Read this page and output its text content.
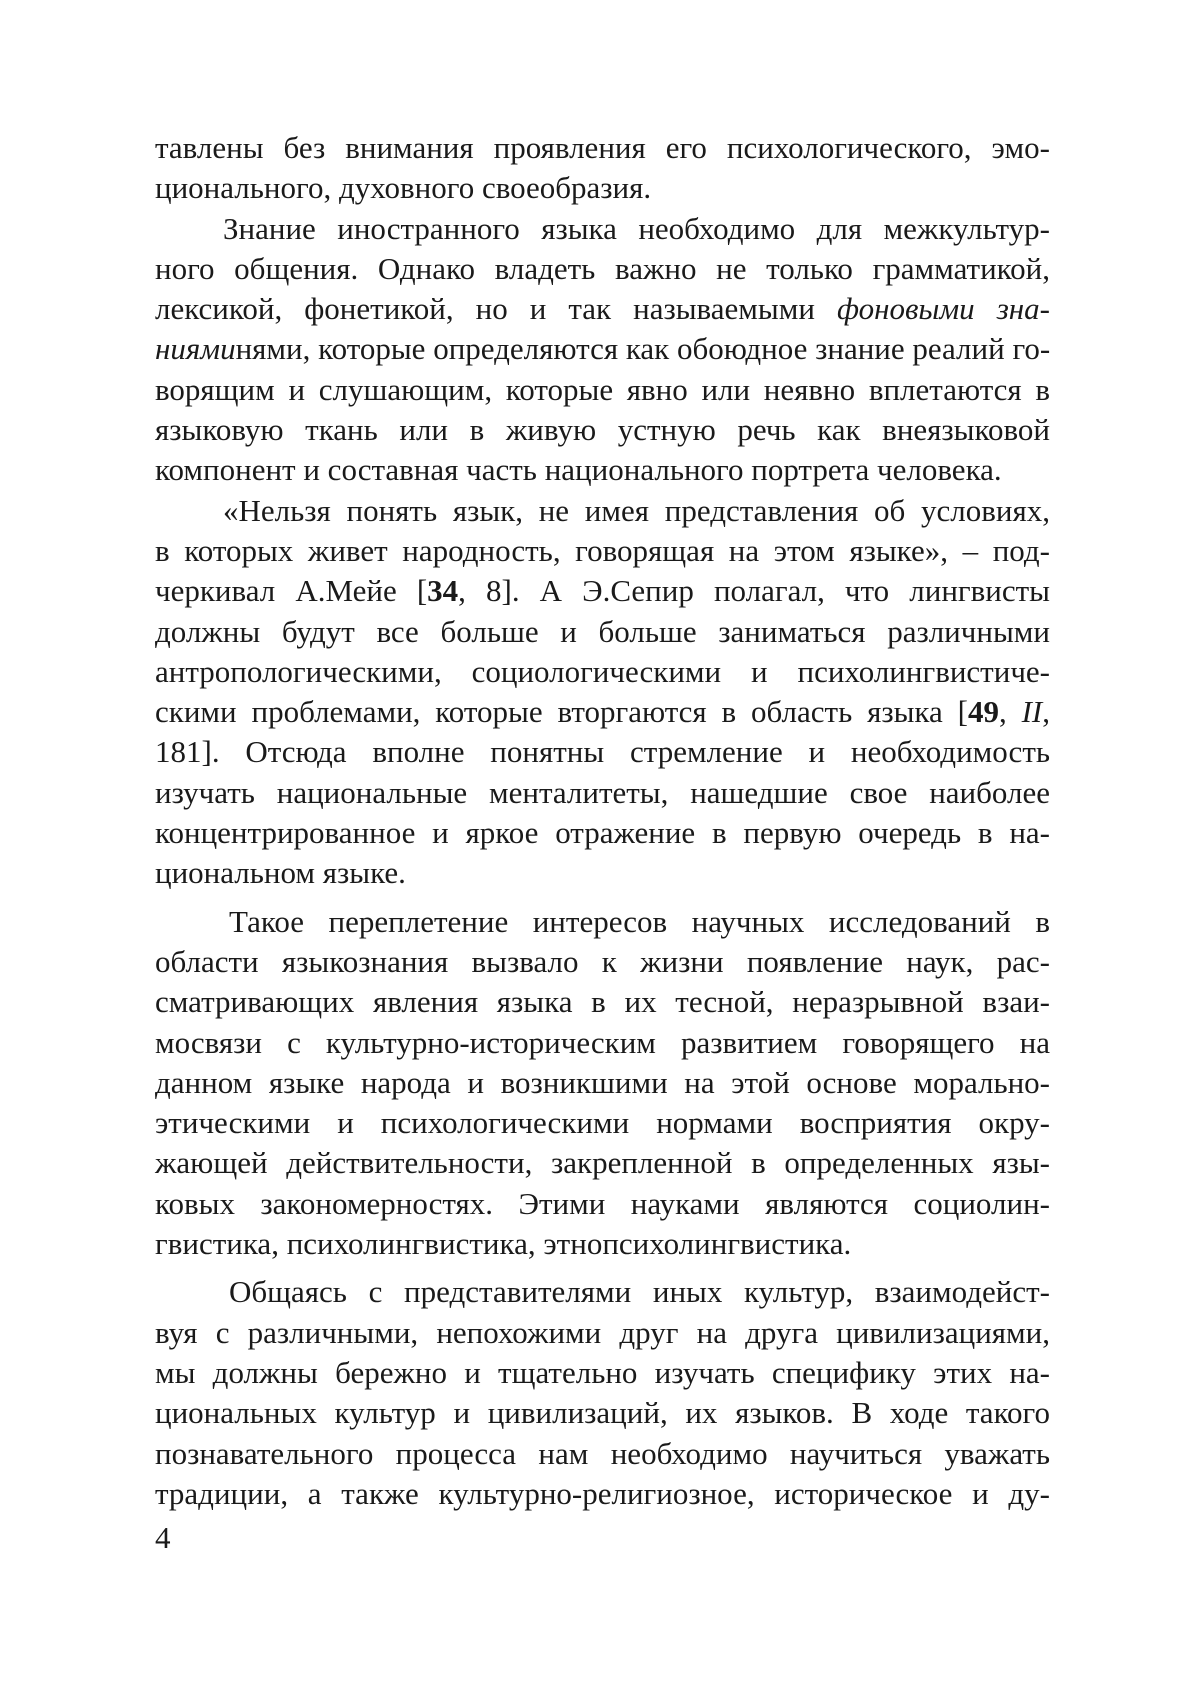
тавлены без внимания проявления его психологического, эмо-
ционального, духовного своеобразия.
Знание иностранного языка необходимо для межкультур-
ного общения. Однако владеть важно не только грамматикой,
лексикой, фонетикой, но и так называемыми фоновыми зна-
нияминями, которые определяются как обоюдное знание реалий го-
ворящим и слушающим, которые явно или неявно вплетаются в
языковую ткань или в живую устную речь как внеязыковой
компонент и составная часть национального портрета человека.
«Нельзя понять язык, не имея представления об условиях,
в которых живет народность, говорящая на этом языке», – под-
черкивал А.Мейе [34, 8]. А Э.Сепир полагал, что лингвисты
должны будут все больше и больше заниматься различными
антропологическими, социологическими и психолингвистиче-
скими проблемами, которые вторгаются в область языка [49, II,
181]. Отсюда вполне понятны стремление и необходимость
изучать национальные менталитеты, нашедшие свое наиболее
концентрированное и яркое отражение в первую очередь в на-
циональном языке.
Такое переплетение интересов научных исследований в
области языкознания вызвало к жизни появление наук, рас-
сматривающих явления языка в их тесной, неразрывной взаи-
мосвязи с культурно-историческим развитием говорящего на
данном языке народа и возникшими на этой основе морально-
этическими и психологическими нормами восприятия окру-
жающей действительности, закрепленной в определенных язы-
ковых закономерностях. Этими науками являются социолин-
гвистика, психолингвистика, этнопсихолингвистика.
Общаясь с представителями иных культур, взаимодейст-
вуя с различными, непохожими друг на друга цивилизациями,
мы должны бережно и тщательно изучать специфику этих на-
циональных культур и цивилизаций, их языков. В ходе такого
познавательного процесса нам необходимо научиться уважать
традиции, а также культурно-религиозное, историческое и ду-
4
